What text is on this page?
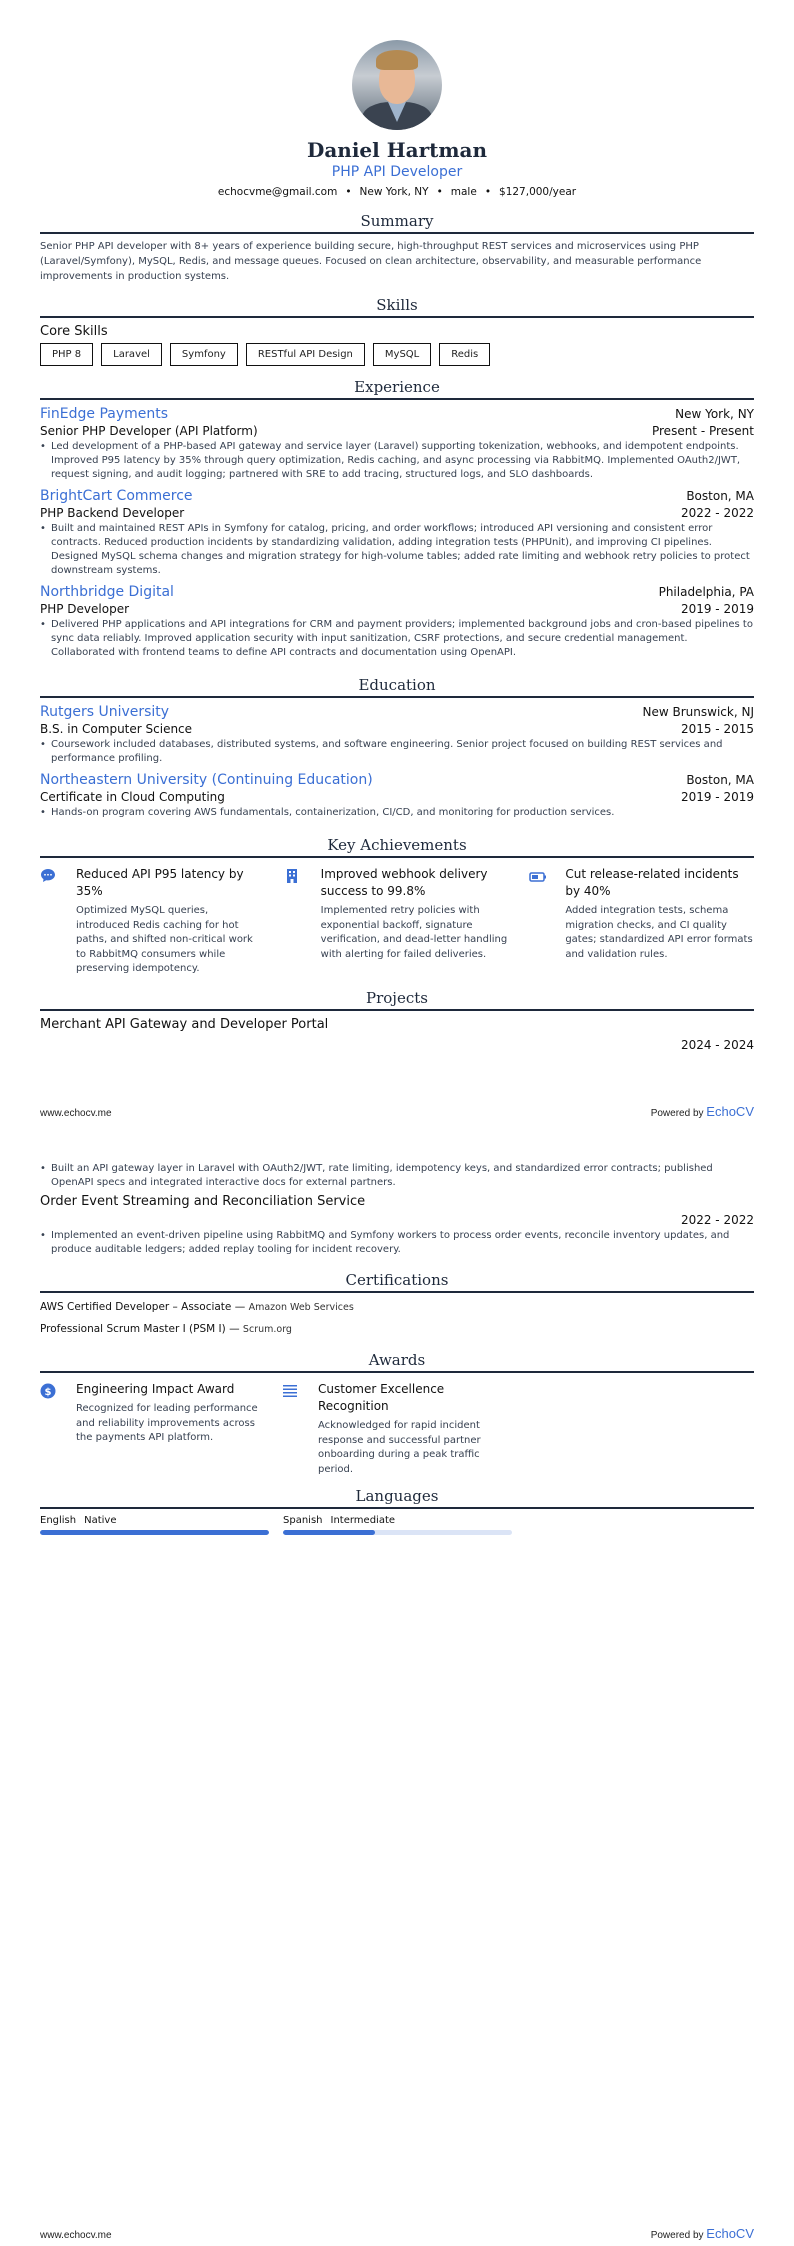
Daniel Hartman
PHP API Developer
echocvme@gmail.com • New York, NY • male • $127,000/year
Summary

Senior PHP API developer with 8+ years of experience building secure, high-throughput REST services and microservices using PHP (Laravel/Symfony), MySQL, Redis, and message queues. Focused on clean architecture, observability, and measurable performance improvements in production systems.

Skills
Core Skills
PHP 8	Laravel	Symfony	RESTful API Design	MySQL	Redis
Experience
FinEdge Payments	New York, NY
Senior PHP Developer (API Platform)	Present - Present
• Led development of a PHP-based API gateway and service layer (Laravel) supporting tokenization, webhooks, and idempotent endpoints. Improved P95 latency by 35% through query optimization, Redis caching, and async processing via RabbitMQ. Implemented OAuth2/JWT, request signing, and audit logging; partnered with SRE to add tracing, structured logs, and SLO dashboards.
BrightCart Commerce	Boston, MA
PHP Backend Developer	2022 - 2022
• Built and maintained REST APIs in Symfony for catalog, pricing, and order workflows; introduced API versioning and consistent error contracts. Reduced production incidents by standardizing validation, adding integration tests (PHPUnit), and improving CI pipelines. Designed MySQL schema changes and migration strategy for high-volume tables; added rate limiting and webhook retry policies to protect downstream systems.
Northbridge Digital	Philadelphia, PA
PHP Developer	2019 - 2019
• Delivered PHP applications and API integrations for CRM and payment providers; implemented background jobs and cron-based pipelines to sync data reliably. Improved application security with input sanitization, CSRF protections, and secure credential management. Collaborated with frontend teams to define API contracts and documentation using OpenAPI.
Education
Rutgers University	New Brunswick, NJ
B.S. in Computer Science	2015 - 2015
• Coursework included databases, distributed systems, and software engineering. Senior project focused on building REST services and performance profiling.
Northeastern University (Continuing Education)	Boston, MA
Certificate in Cloud Computing	2019 - 2019
• Hands-on program covering AWS fundamentals, containerization, CI/CD, and monitoring for production services.
Key Achievements
Reduced API P95 latency by 35%
Optimized MySQL queries, introduced Redis caching for hot paths, and shifted non-critical work to RabbitMQ consumers while preserving idempotency.
Improved webhook delivery success to 99.8%
Implemented retry policies with exponential backoff, signature verification, and dead-letter handling with alerting for failed deliveries.
Cut release-related incidents by 40%
Added integration tests, schema migration checks, and CI quality gates; standardized API error formats and validation rules.
Projects
Merchant API Gateway and Developer Portal
2024 - 2024
www.echocv.me	Powered by EchoCV
• Built an API gateway layer in Laravel with OAuth2/JWT, rate limiting, idempotency keys, and standardized error contracts; published OpenAPI specs and integrated interactive docs for external partners.
Order Event Streaming and Reconciliation Service
2022 - 2022
• Implemented an event-driven pipeline using RabbitMQ and Symfony workers to process order events, reconcile inventory updates, and produce auditable ledgers; added replay tooling for incident recovery.
Certifications
AWS Certified Developer – Associate — Amazon Web Services
Professional Scrum Master I (PSM I) — Scrum.org
Awards
$ Engineering Impact Award
Recognized for leading performance and reliability improvements across the payments API platform.
Customer Excellence Recognition
Acknowledged for rapid incident response and successful partner onboarding during a peak traffic period.
Languages
English Native	Spanish Intermediate
www.echocv.me	Powered by EchoCV
